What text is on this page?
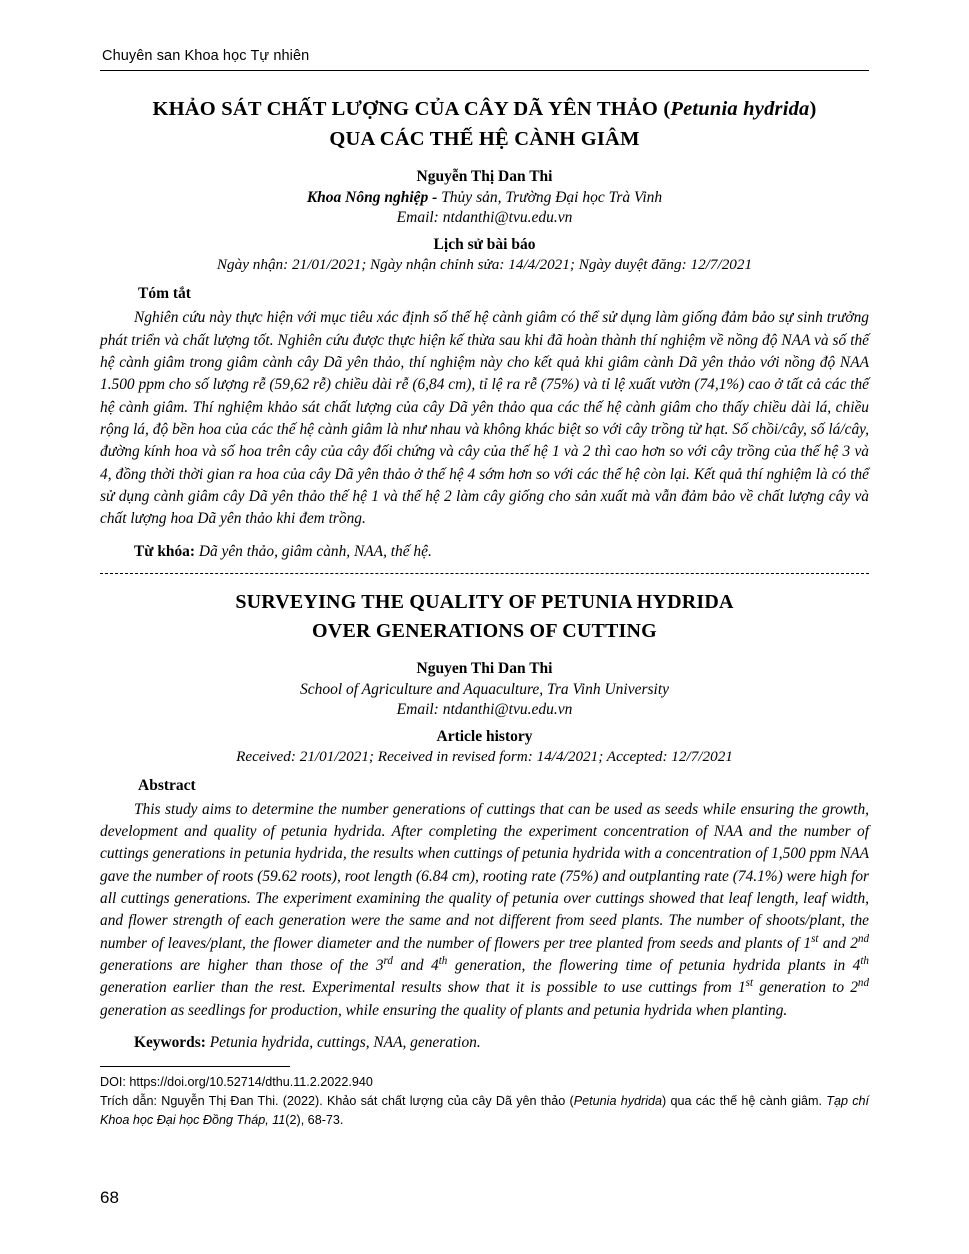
Chuyên san Khoa học Tự nhiên
KHẢO SÁT CHẤT LƯỢNG CỦA CÂY DÃ YÊN THẢO (Petunia hydrida)
QUA CÁC THẾ HỆ CÀNH GIÂM
Nguyễn Thị Dan Thi
Khoa Nông nghiệp - Thủy sản, Trường Đại học Trà Vinh
Email: ntdanthi@tvu.edu.vn
Lịch sử bài báo
Ngày nhận: 21/01/2021; Ngày nhận chỉnh sửa: 14/4/2021; Ngày duyệt đăng: 12/7/2021
Tóm tắt
Nghiên cứu này thực hiện với mục tiêu xác định số thế hệ cành giâm có thể sử dụng làm giống đảm bảo sự sinh trưởng phát triển và chất lượng tốt. Nghiên cứu được thực hiện kế thừa sau khi đã hoàn thành thí nghiệm về nồng độ NAA và số thế hệ cành giâm trong giâm cành cây Dã yên thảo, thí nghiệm này cho kết quả khi giâm cành Dã yên thảo với nồng độ NAA 1.500 ppm cho số lượng rễ (59,62 rễ) chiều dài rễ (6,84 cm), tỉ lệ ra rễ (75%) và tỉ lệ xuất vườn (74,1%) cao ở tất cả các thế hệ cành giâm. Thí nghiệm khảo sát chất lượng của cây Dã yên thảo qua các thế hệ cành giâm cho thấy chiều dài lá, chiều rộng lá, độ bền hoa của các thế hệ cành giâm là như nhau và không khác biệt so với cây trồng từ hạt. Số chồi/cây, số lá/cây, đường kính hoa và số hoa trên cây của cây đối chứng và cây của thế hệ 1 và 2 thì cao hơn so với cây trồng của thế hệ 3 và 4, đồng thời thời gian ra hoa của cây Dã yên thảo ở thế hệ 4 sớm hơn so với các thế hệ còn lại. Kết quả thí nghiệm là có thể sử dụng cành giâm cây Dã yên thảo thế hệ 1 và thế hệ 2 làm cây giống cho sản xuất mà vẫn đảm bảo về chất lượng cây và chất lượng hoa Dã yên thảo khi đem trồng.
Từ khóa: Dã yên thảo, giâm cành, NAA, thế hệ.
SURVEYING THE QUALITY OF PETUNIA HYDRIDA
OVER GENERATIONS OF CUTTING
Nguyen Thi Dan Thi
School of Agriculture and Aquaculture, Tra Vinh University
Email: ntdanthi@tvu.edu.vn
Article history
Received: 21/01/2021; Received in revised form: 14/4/2021; Accepted: 12/7/2021
Abstract
This study aims to determine the number generations of cuttings that can be used as seeds while ensuring the growth, development and quality of petunia hydrida. After completing the experiment concentration of NAA and the number of cuttings generations in petunia hydrida, the results when cuttings of petunia hydrida with a concentration of 1,500 ppm NAA gave the number of roots (59.62 roots), root length (6.84 cm), rooting rate (75%) and outplanting rate (74.1%) were high for all cuttings generations. The experiment examining the quality of petunia over cuttings showed that leaf length, leaf width, and flower strength of each generation were the same and not different from seed plants. The number of shoots/plant, the number of leaves/plant, the flower diameter and the number of flowers per tree planted from seeds and plants of 1st and 2nd generations are higher than those of the 3rd and 4th generation, the flowering time of petunia hydrida plants in 4th generation earlier than the rest. Experimental results show that it is possible to use cuttings from 1st generation to 2nd generation as seedlings for production, while ensuring the quality of plants and petunia hydrida when planting.
Keywords: Petunia hydrida, cuttings, NAA, generation.
DOI: https://doi.org/10.52714/dthu.11.2.2022.940
Trích dẫn: Nguyễn Thị Đan Thi. (2022). Khảo sát chất lượng của cây Dã yên thảo (Petunia hydrida) qua các thế hệ cành giâm. Tạp chí Khoa học Đại học Đồng Tháp, 11(2), 68-73.
68
